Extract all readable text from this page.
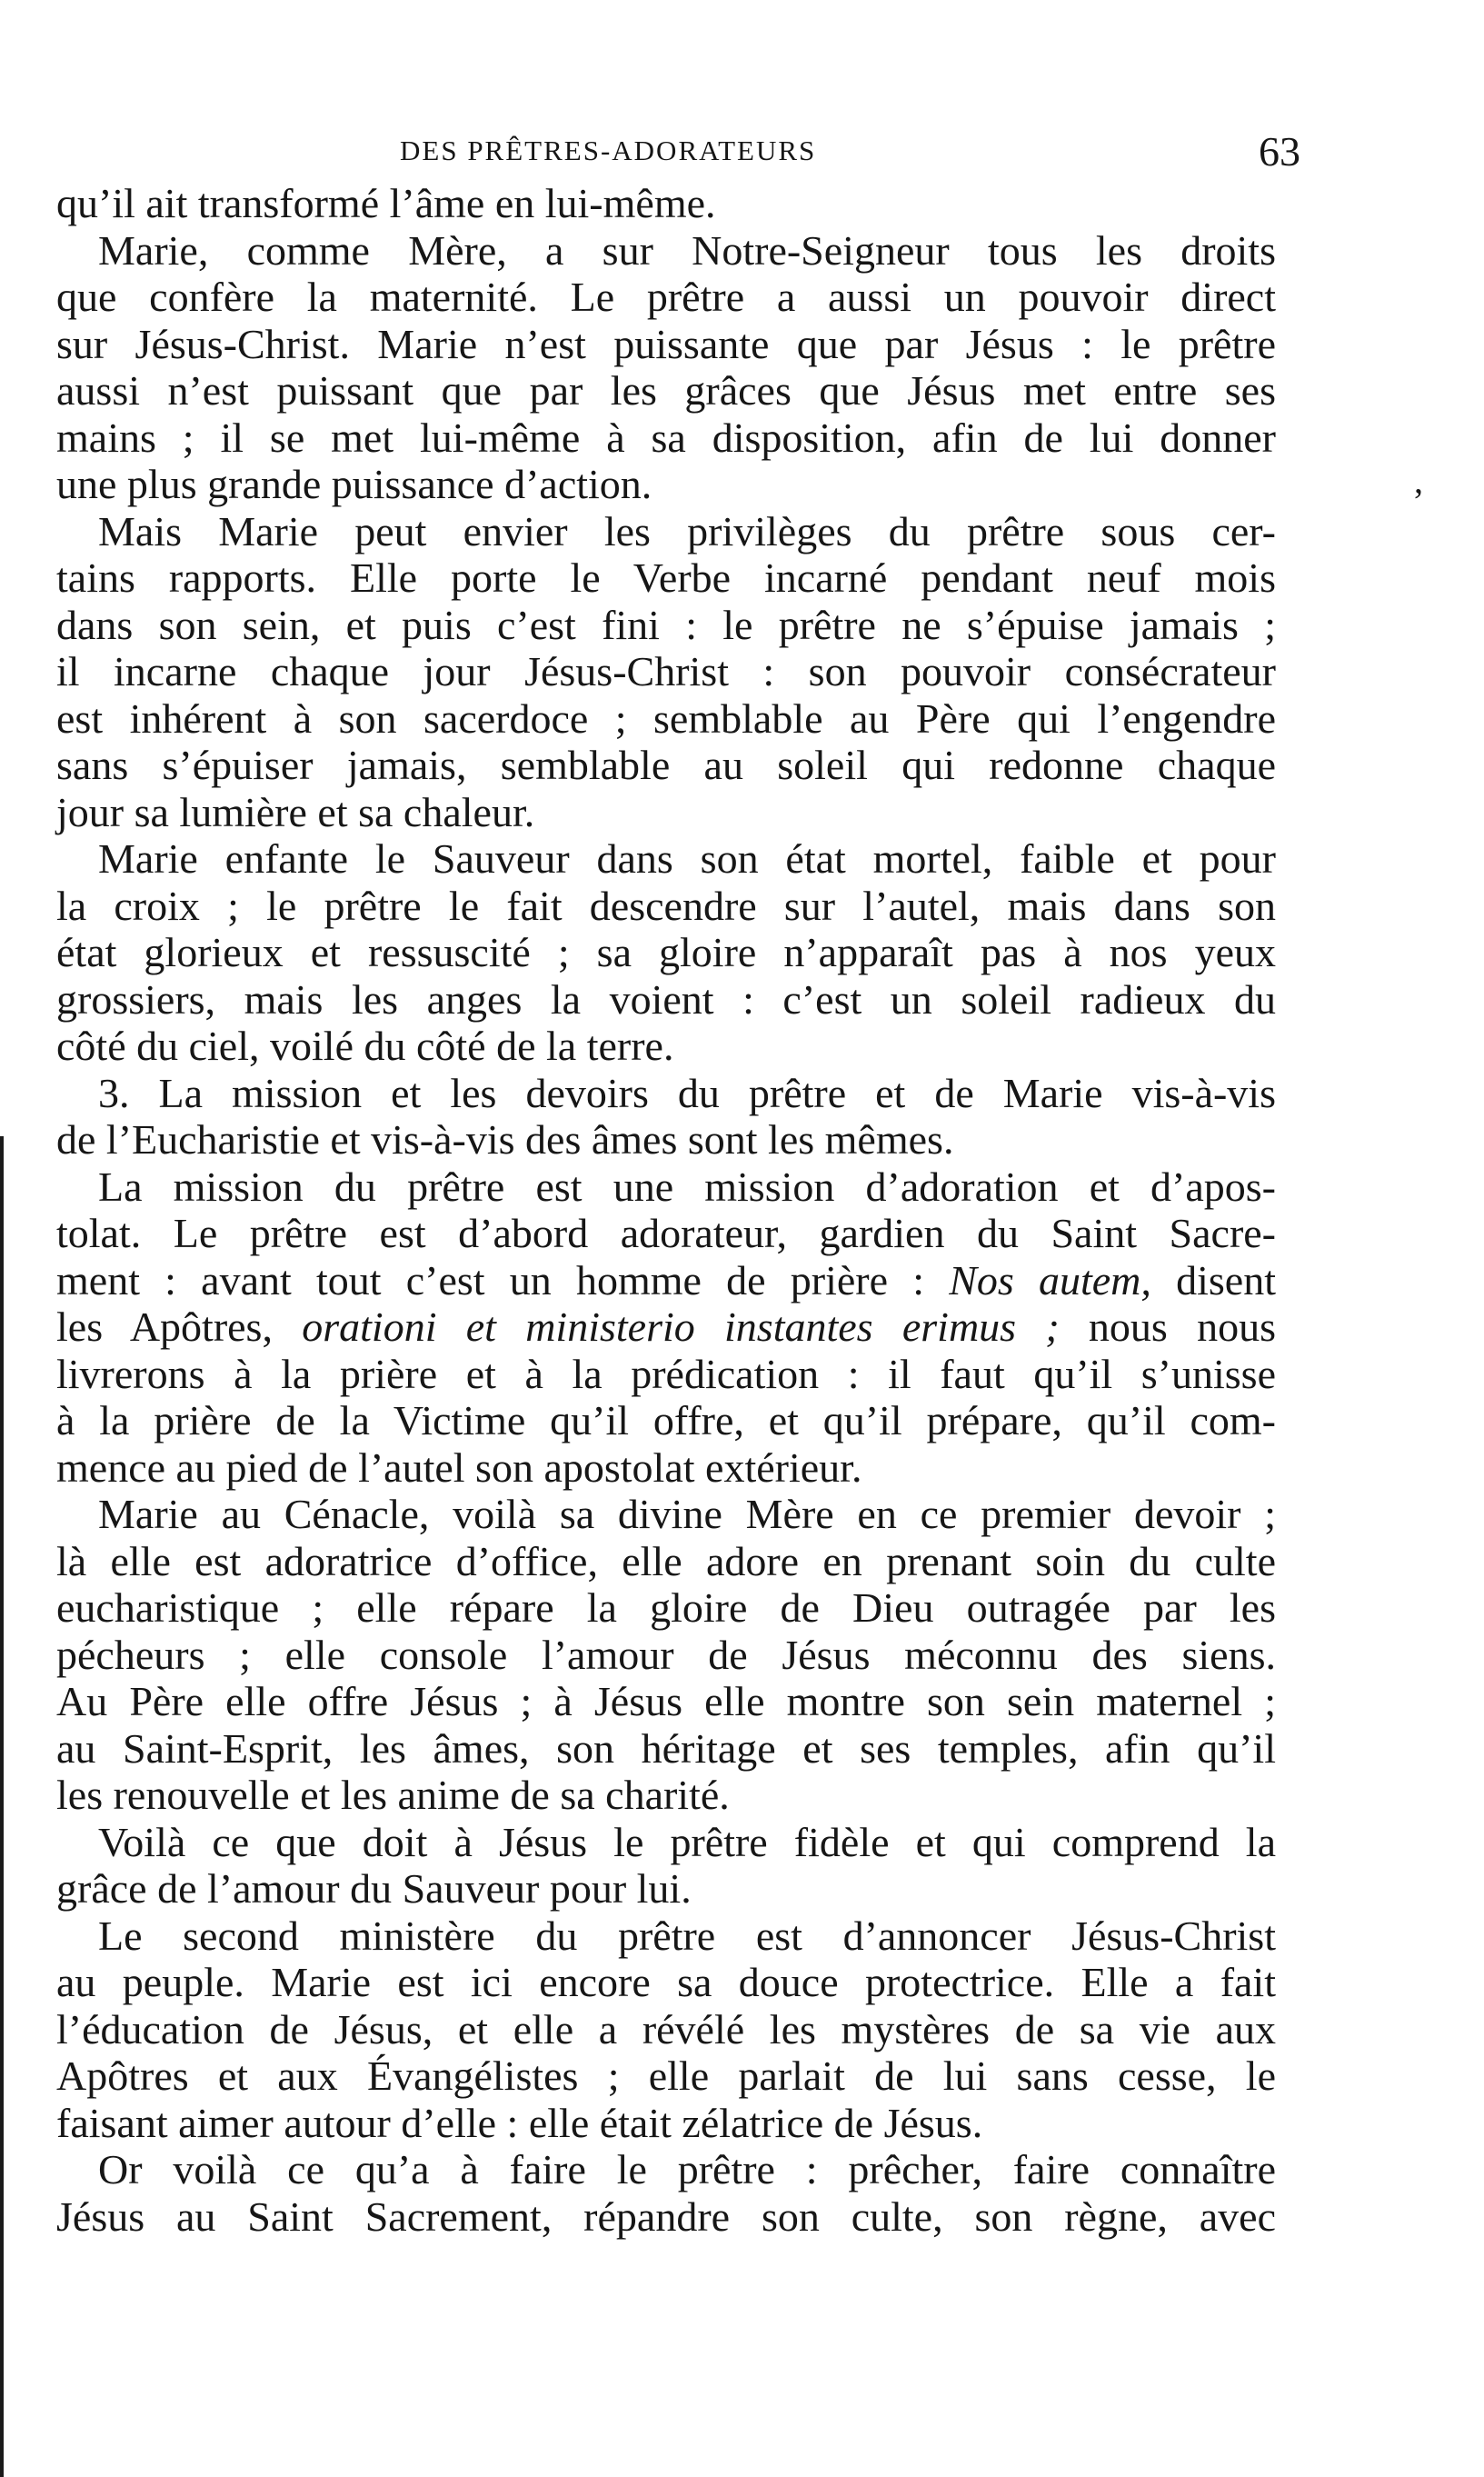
DES PRÊTRES-ADORATEURS	63
qu’il ait transformé l’âme en lui-même.
Marie, comme Mère, a sur Notre-Seigneur tous les droits
que confère la maternité. Le prêtre a aussi un pouvoir direct
sur Jésus-Christ. Marie n’est puissante que par Jésus : le prêtre
aussi n’est puissant que par les grâces que Jésus met entre ses
mains ; il se met lui-même à sa disposition, afin de lui donner
une plus grande puissance d’action.
Mais Marie peut envier les privilèges du prêtre sous cer-
tains rapports. Elle porte le Verbe incarné pendant neuf mois
dans son sein, et puis c’est fini : le prêtre ne s’épuise jamais ;
il incarne chaque jour Jésus-Christ : son pouvoir consécrateur
est inhérent à son sacerdoce ; semblable au Père qui l’engendre
sans s’épuiser jamais, semblable au soleil qui redonne chaque
jour sa lumière et sa chaleur.
Marie enfante le Sauveur dans son état mortel, faible et pour
la croix ; le prêtre le fait descendre sur l’autel, mais dans son
état glorieux et ressuscité ; sa gloire n’apparaît pas à nos yeux
grossiers, mais les anges la voient : c’est un soleil radieux du
côté du ciel, voilé du côté de la terre.
3. La mission et les devoirs du prêtre et de Marie vis-à-vis
de l’Eucharistie et vis-à-vis des âmes sont les mêmes.
La mission du prêtre est une mission d’adoration et d’apos-
tolat. Le prêtre est d’abord adorateur, gardien du Saint Sacre-
ment : avant tout c’est un homme de prière : Nos autem, disent
les Apôtres, orationi et ministerio instantes erimus ; nous nous
livrerons à la prière et à la prédication : il faut qu’il s’unisse
à la prière de la Victime qu’il offre, et qu’il prépare, qu’il com-
mence au pied de l’autel son apostolat extérieur.
Marie au Cénacle, voilà sa divine Mère en ce premier devoir ;
là elle est adoratrice d’office, elle adore en prenant soin du culte
eucharistique ; elle répare la gloire de Dieu outragée par les
pécheurs ; elle console l’amour de Jésus méconnu des siens.
Au Père elle offre Jésus ; à Jésus elle montre son sein maternel ;
au Saint-Esprit, les âmes, son héritage et ses temples, afin qu’il
les renouvelle et les anime de sa charité.
Voilà ce que doit à Jésus le prêtre fidèle et qui comprend la
grâce de l’amour du Sauveur pour lui.
Le second ministère du prêtre est d’annoncer Jésus-Christ
au peuple. Marie est ici encore sa douce protectrice. Elle a fait
l’éducation de Jésus, et elle a révélé les mystères de sa vie aux
Apôtres et aux Évangélistes ; elle parlait de lui sans cesse, le
faisant aimer autour d’elle : elle était zélatrice de Jésus.
Or voilà ce qu’a à faire le prêtre : prêcher, faire connaître
Jésus au Saint Sacrement, répandre son culte, son règne, avec
,
